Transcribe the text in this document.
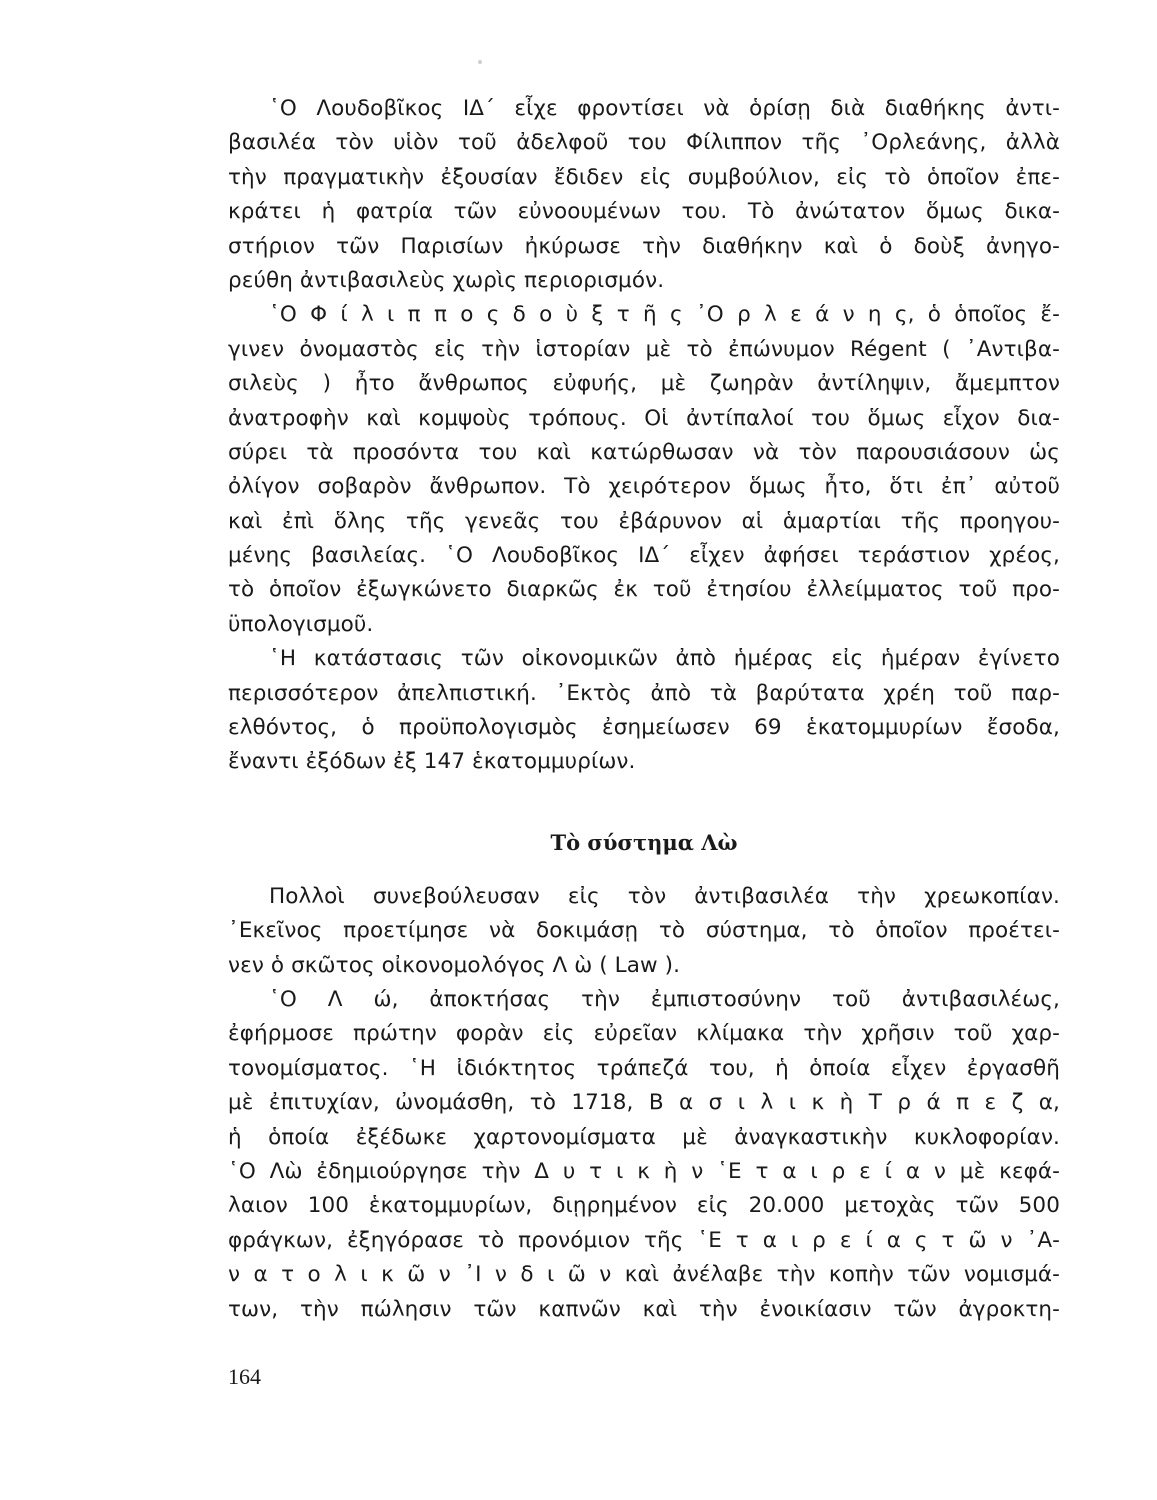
῾Ο Λουδοβῖκος ΙΔ΄ εἶχε φροντίσει νὰ ὁρίσῃ διὰ διαθήκης ἀντι-
βασιλέα τὸν υἱὸν τοῦ ἀδελφοῦ του Φίλιππον τῆς ᾿Ορλεάνης, ἀλλὰ
τὴν πραγματικὴν ἐξουσίαν ἔδιδεν εἰς συμβούλιον, εἰς τὸ ὁποῖον ἐπε-
κράτει ἡ φατρία τῶν εὐνοουμένων του. Τὸ ἀνώτατον ὅμως δικα-
στήριον τῶν Παρισίων ἠκύρωσε τὴν διαθήκην καὶ ὁ δοὺξ ἀνηγο-
ρεύθη ἀντιβασιλεὺς χωρὶς περιορισμόν.
῾Ο Φ ί λ ι π π ο ς δ ο ὺ ξ τ ῆ ς ᾿Ο ρ λ ε ά ν η ς, ὁ ὁποῖος ἔ-
γινεν ὀνομαστὸς εἰς τὴν ἱστορίαν μὲ τὸ ἐπώνυμον Régent ( ᾿Αντιβα-
σιλεὺς ) ἦτο ἄνθρωπος εὐφυής, μὲ ζωηρὰν ἀντίληψιν, ἄμεμπτον
ἀνατροφὴν καὶ κομψοὺς τρόπους. Οἱ ἀντίπαλοί του ὅμως εἶχον δια-
σύρει τὰ προσόντα του καὶ κατώρθωσαν νὰ τὸν παρουσιάσουν ὡς
ὀλίγον σοβαρὸν ἄνθρωπον. Τὸ χειρότερον ὅμως ἦτο, ὅτι ἐπ᾿ αὐτοῦ
καὶ ἐπὶ ὅλης τῆς γενεᾶς του ἐβάρυνον αἱ ἁμαρτίαι τῆς προηγου-
μένης βασιλείας. ῾Ο Λουδοβῖκος ΙΔ΄ εἶχεν ἀφήσει τεράστιον χρέος,
τὸ ὁποῖον ἐξωγκώνετο διαρκῶς ἐκ τοῦ ἐτησίου ἐλλείμματος τοῦ προ-
ϋπολογισμοῦ.
῾Η κατάστασις τῶν οἰκονομικῶν ἀπὸ ἡμέρας εἰς ἡμέραν ἐγίνετο
περισσότερον ἀπελπιστική. ᾿Εκτὸς ἀπὸ τὰ βαρύτατα χρέη τοῦ παρ-
ελθόντος, ὁ προϋπολογισμὸς ἐσημείωσεν 69 ἑκατομμυρίων ἔσοδα,
ἔναντι ἐξόδων ἐξ 147 ἑκατομμυρίων.
Τὸ σύστημα Λὼ
Πολλοὶ συνεβούλευσαν εἰς τὸν ἀντιβασιλέα τὴν χρεωκοπίαν.
᾿Εκεῖνος προετίμησε νὰ δοκιμάσῃ τὸ σύστημα, τὸ ὁποῖον προέτει-
νεν ὁ σκῶτος οἰκονομολόγος Λ ὼ ( Law ).
῾Ο Λ ώ, ἀποκτήσας τὴν ἐμπιστοσύνην τοῦ ἀντιβασιλέως,
ἐφήρμοσε πρώτην φορὰν εἰς εὐρεῖαν κλίμακα τὴν χρῆσιν τοῦ χαρ-
τονομίσματος. ῾Η ἰδιόκτητος τράπεζά του, ἡ ὁποία εἶχεν ἐργασθῆ
μὲ ἐπιτυχίαν, ὠνομάσθη, τὸ 1718, Β α σ ι λ ι κ ὴ Τ ρ ά π ε ζ α,
ἡ ὁποία ἐξέδωκε χαρτονομίσματα μὲ ἀναγκαστικὴν κυκλοφορίαν.
῾Ο Λὼ ἐδημιούργησε τὴν Δ υ τ ι κ ὴ ν ῾Ε τ α ι ρ ε ί α ν μὲ κεφά-
λαιον 100 ἑκατομμυρίων, διῃρημένον εἰς 20.000 μετοχὰς τῶν 500
φράγκων, ἐξηγόρασε τὸ προνόμιον τῆς ῾Ε τ α ι ρ ε ί α ς τ ῶ ν ᾿Α-
ν α τ ο λ ι κ ῶ ν ᾿Ι ν δ ι ῶ ν καὶ ἀνέλαβε τὴν κοπὴν τῶν νομισμά-
των, τὴν πώλησιν τῶν καπνῶν καὶ τὴν ἐνοικίασιν τῶν ἀγροκτη-
164
